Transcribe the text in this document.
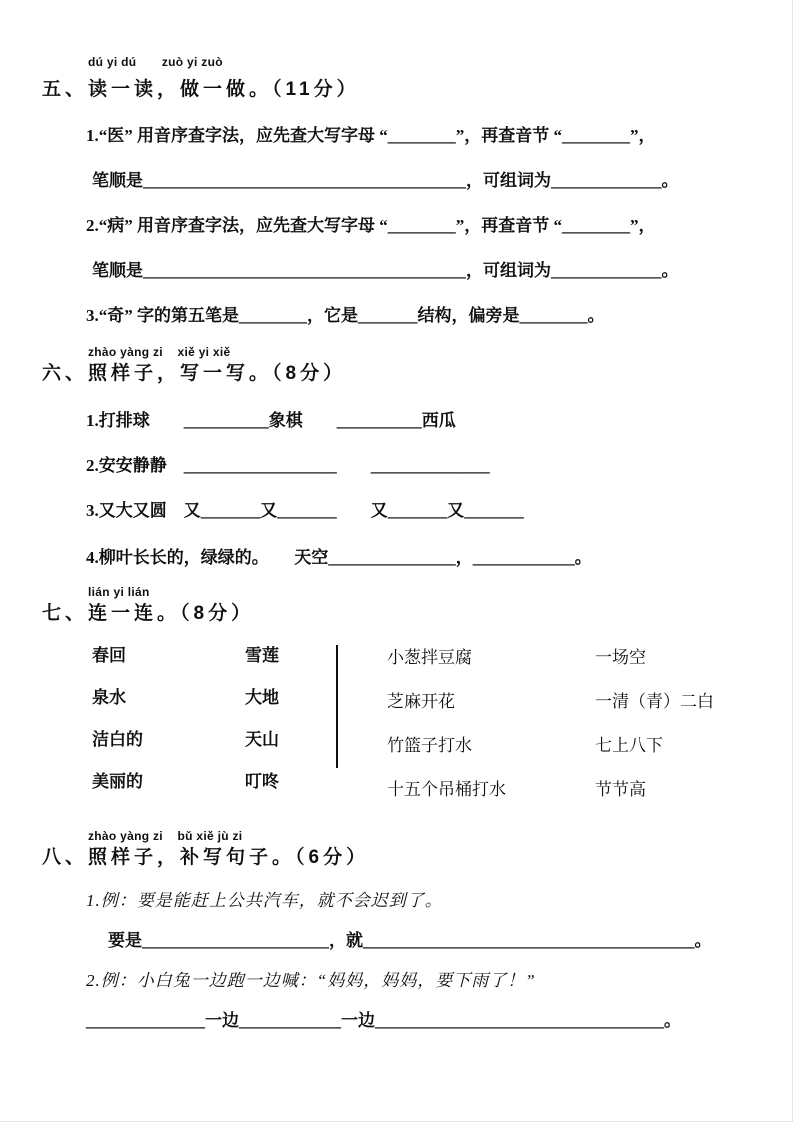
dú yi dú       zuò yi zuò
五、读一读，做一做。（11分）
1.“医” 用音序查字法，应先查大写字母 “________”，再查音节 “________”，
笔顺是______________________________________，可组词为_____________。
2.“病” 用音序查字法，应先查大写字母 “________”，再查音节 “________”，
笔顺是______________________________________，可组词为_____________。
3.“奇” 字的第五笔是________，它是_______结构，偏旁是________。
zhào yàng zi    xiě yi xiě
六、照样子，写一写。（8分）
1.打排球　　__________象棋　　__________西瓜
2.安安静静　__________________　　______________
3.又大又圆　又_______又_______　　又_______又_______
4.柳叶长长的，绿绿的。　　天空_______________，____________。
lián yi lián
七、连一连。（8分）
春回	雪莲
泉水	大地
洁白的	天山
美丽的	叮咚
小葱拌豆腐	一场空
芝麻开花	一清（青）二白
竹篮子打水	七上八下
十五个吊桶打水	节节高
zhào yàng zi    bǔ xiě jù zi
八、照样子，补写句子。（6分）
1.例：要是能赶上公共汽车，就不会迟到了。
要是______________________，就_______________________________________。
2.例：小白兔一边跑一边喊：“妈妈，妈妈，要下雨了！”
______________一边____________一边__________________________________。
